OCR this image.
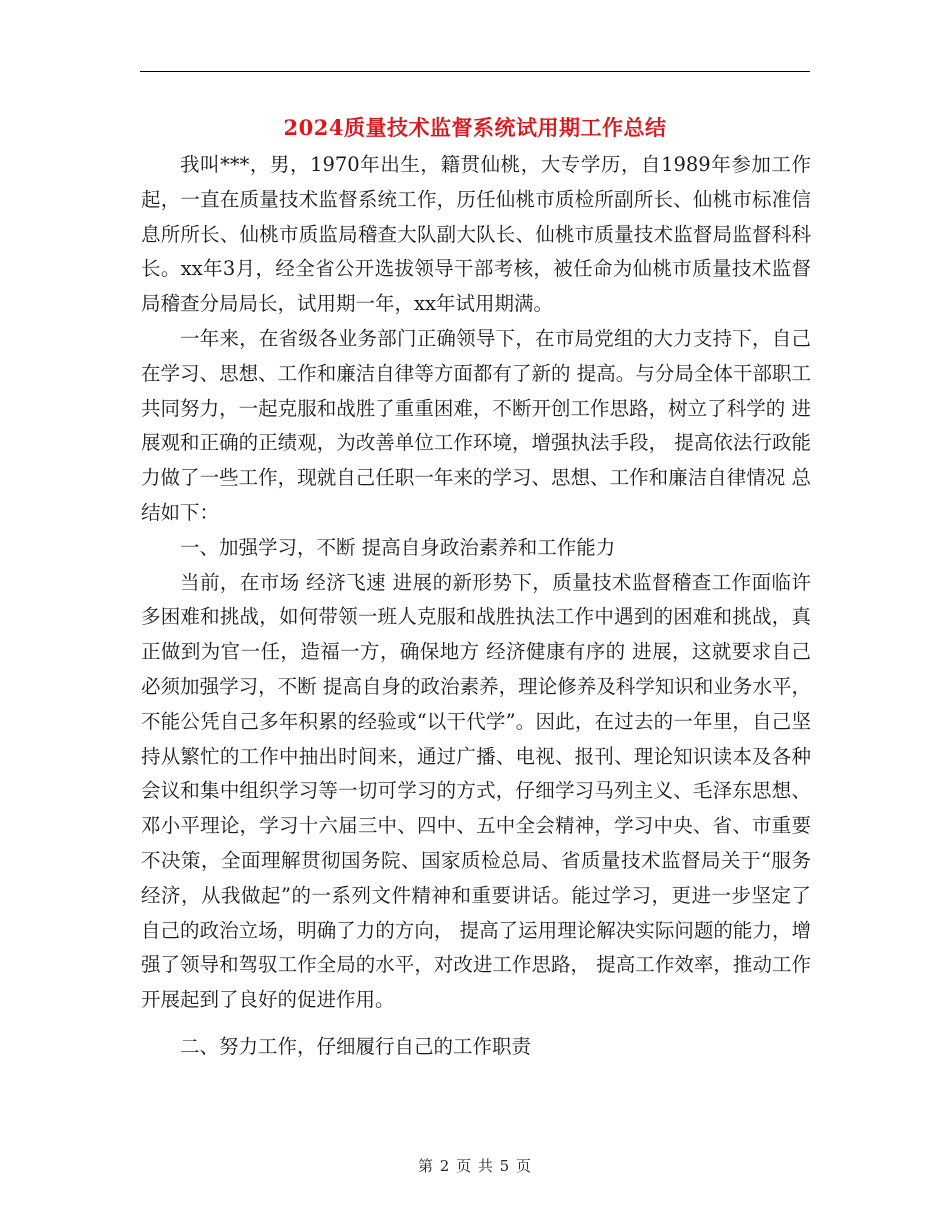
2024质量技术监督系统试用期工作总结

我叫***，男，1970年出生，籍贯仙桃，大专学历，自1989年参加工作起，一直在质量技术监督系统工作，历任仙桃市质检所副所长、仙桃市标准信息所所长、仙桃市质监局稽查大队副大队长、仙桃市质量技术监督局监督科科长。xx年3月，经全省公开选拔领导干部考核，被任命为仙桃市质量技术监督局稽查分局局长，试用期一年，xx年试用期满。

一年来，在省级各业务部门正确领导下，在市局党组的大力支持下，自己在学习、思想、工作和廉洁自律等方面都有了新的 提高。与分局全体干部职工共同努力，一起克服和战胜了重重困难，不断开创工作思路，树立了科学的 进展观和正确的正绩观，为改善单位工作环境，增强执法手段， 提高依法行政能力做了一些工作，现就自己任职一年来的学习、思想、工作和廉洁自律情况 总结如下：

一、加强学习，不断 提高自身政治素养和工作能力

当前，在市场 经济飞速 进展的新形势下，质量技术监督稽查工作面临许多困难和挑战，如何带领一班人克服和战胜执法工作中遇到的困难和挑战，真正做到为官一任，造福一方，确保地方 经济健康有序的 进展，这就要求自己必须加强学习，不断 提高自身的政治素养，理论修养及科学知识和业务水平，不能公凭自己多年积累的经验或“以干代学”。因此，在过去的一年里，自己坚持从繁忙的工作中抽出时间来，通过广播、电视、报刊、理论知识读本及各种会议和集中组织学习等一切可学习的方式，仔细学习马列主义、毛泽东思想、邓小平理论，学习十六届三中、四中、五中全会精神，学习中央、省、市重要不决策，全面理解贯彻国务院、国家质检总局、省质量技术监督局关于“服务 经济，从我做起”的一系列文件精神和重要讲话。能过学习，更进一步坚定了自己的政治立场，明确了力的方向， 提高了运用理论解决实际问题的能力，增强了领导和驾驭工作全局的水平，对改进工作思路， 提高工作效率，推动工作开展起到了良好的促进作用。

二、努力工作，仔细履行自己的工作职责

第 2 页 共 5 页
